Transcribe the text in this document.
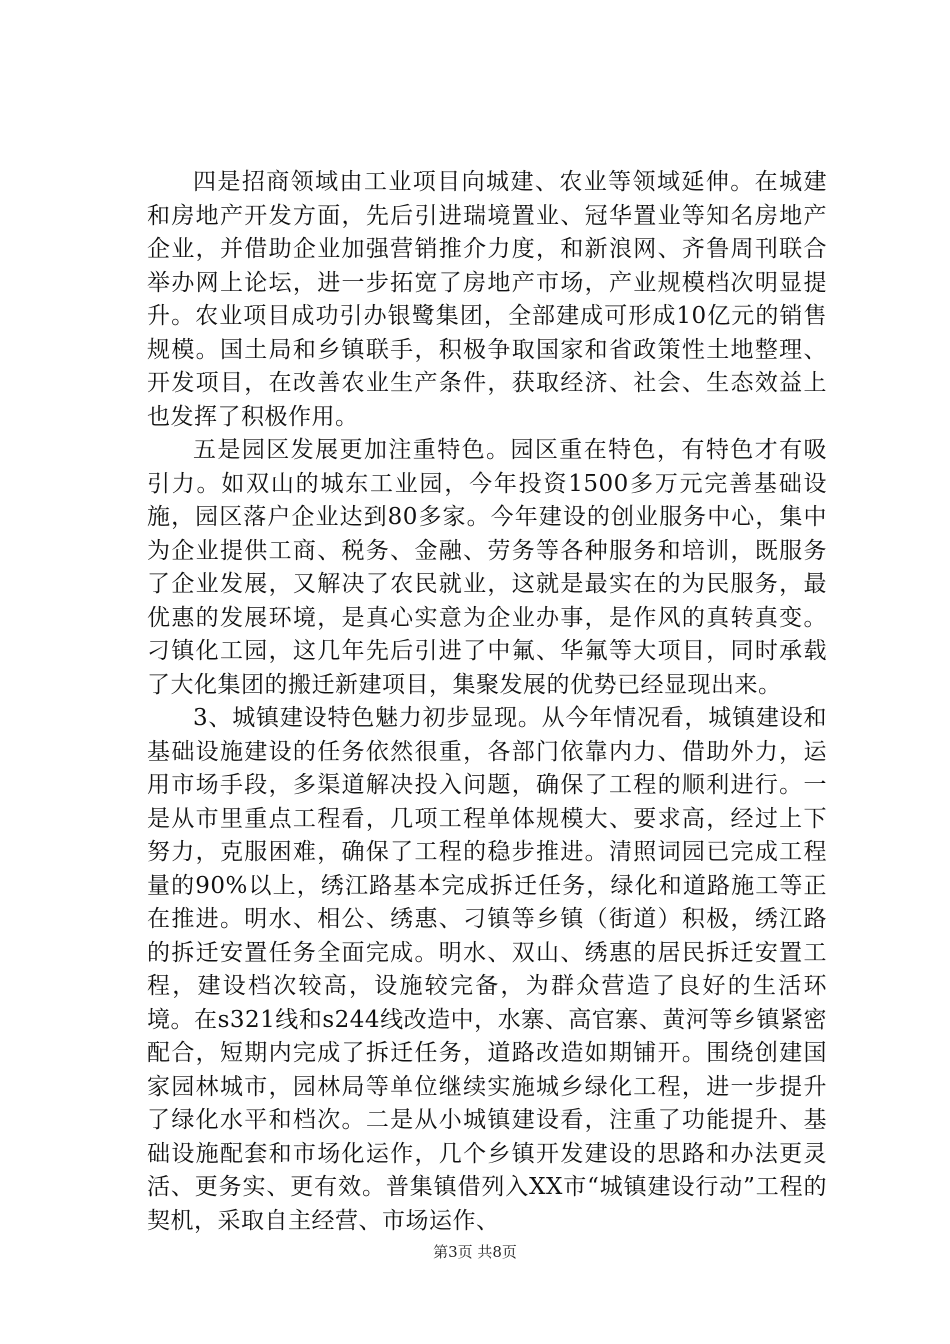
四是招商领域由工业项目向城建、农业等领域延伸。在城建和房地产开发方面，先后引进瑞境置业、冠华置业等知名房地产企业，并借助企业加强营销推介力度，和新浪网、齐鲁周刊联合举办网上论坛，进一步拓宽了房地产市场，产业规模档次明显提升。农业项目成功引办银鹭集团，全部建成可形成10亿元的销售规模。国土局和乡镇联手，积极争取国家和省政策性土地整理、开发项目，在改善农业生产条件，获取经济、社会、生态效益上也发挥了积极作用。

五是园区发展更加注重特色。园区重在特色，有特色才有吸引力。如双山的城东工业园，今年投资1500多万元完善基础设施，园区落户企业达到80多家。今年建设的创业服务中心，集中为企业提供工商、税务、金融、劳务等各种服务和培训，既服务了企业发展，又解决了农民就业，这就是最实在的为民服务，最优惠的发展环境，是真心实意为企业办事，是作风的真转真变。刁镇化工园，这几年先后引进了中氟、华氟等大项目，同时承载了大化集团的搬迁新建项目，集聚发展的优势已经显现出来。

3、城镇建设特色魅力初步显现。从今年情况看，城镇建设和基础设施建设的任务依然很重，各部门依靠内力、借助外力，运用市场手段，多渠道解决投入问题，确保了工程的顺利进行。一是从市里重点工程看，几项工程单体规模大、要求高，经过上下努力，克服困难，确保了工程的稳步推进。清照词园已完成工程量的90%以上，绣江路基本完成拆迁任务，绿化和道路施工等正在推进。明水、相公、绣惠、刁镇等乡镇（街道）积极，绣江路的拆迁安置任务全面完成。明水、双山、绣惠的居民拆迁安置工程，建设档次较高，设施较完备，为群众营造了良好的生活环境。在s321线和s244线改造中，水寨、高官寨、黄河等乡镇紧密配合，短期内完成了拆迁任务，道路改造如期铺开。围绕创建国家园林城市，园林局等单位继续实施城乡绿化工程，进一步提升了绿化水平和档次。二是从小城镇建设看，注重了功能提升、基础设施配套和市场化运作，几个乡镇开发建设的思路和办法更灵活、更务实、更有效。普集镇借列入XX市“城镇建设行动”工程的契机，采取自主经营、市场运作、

第3页 共8页
